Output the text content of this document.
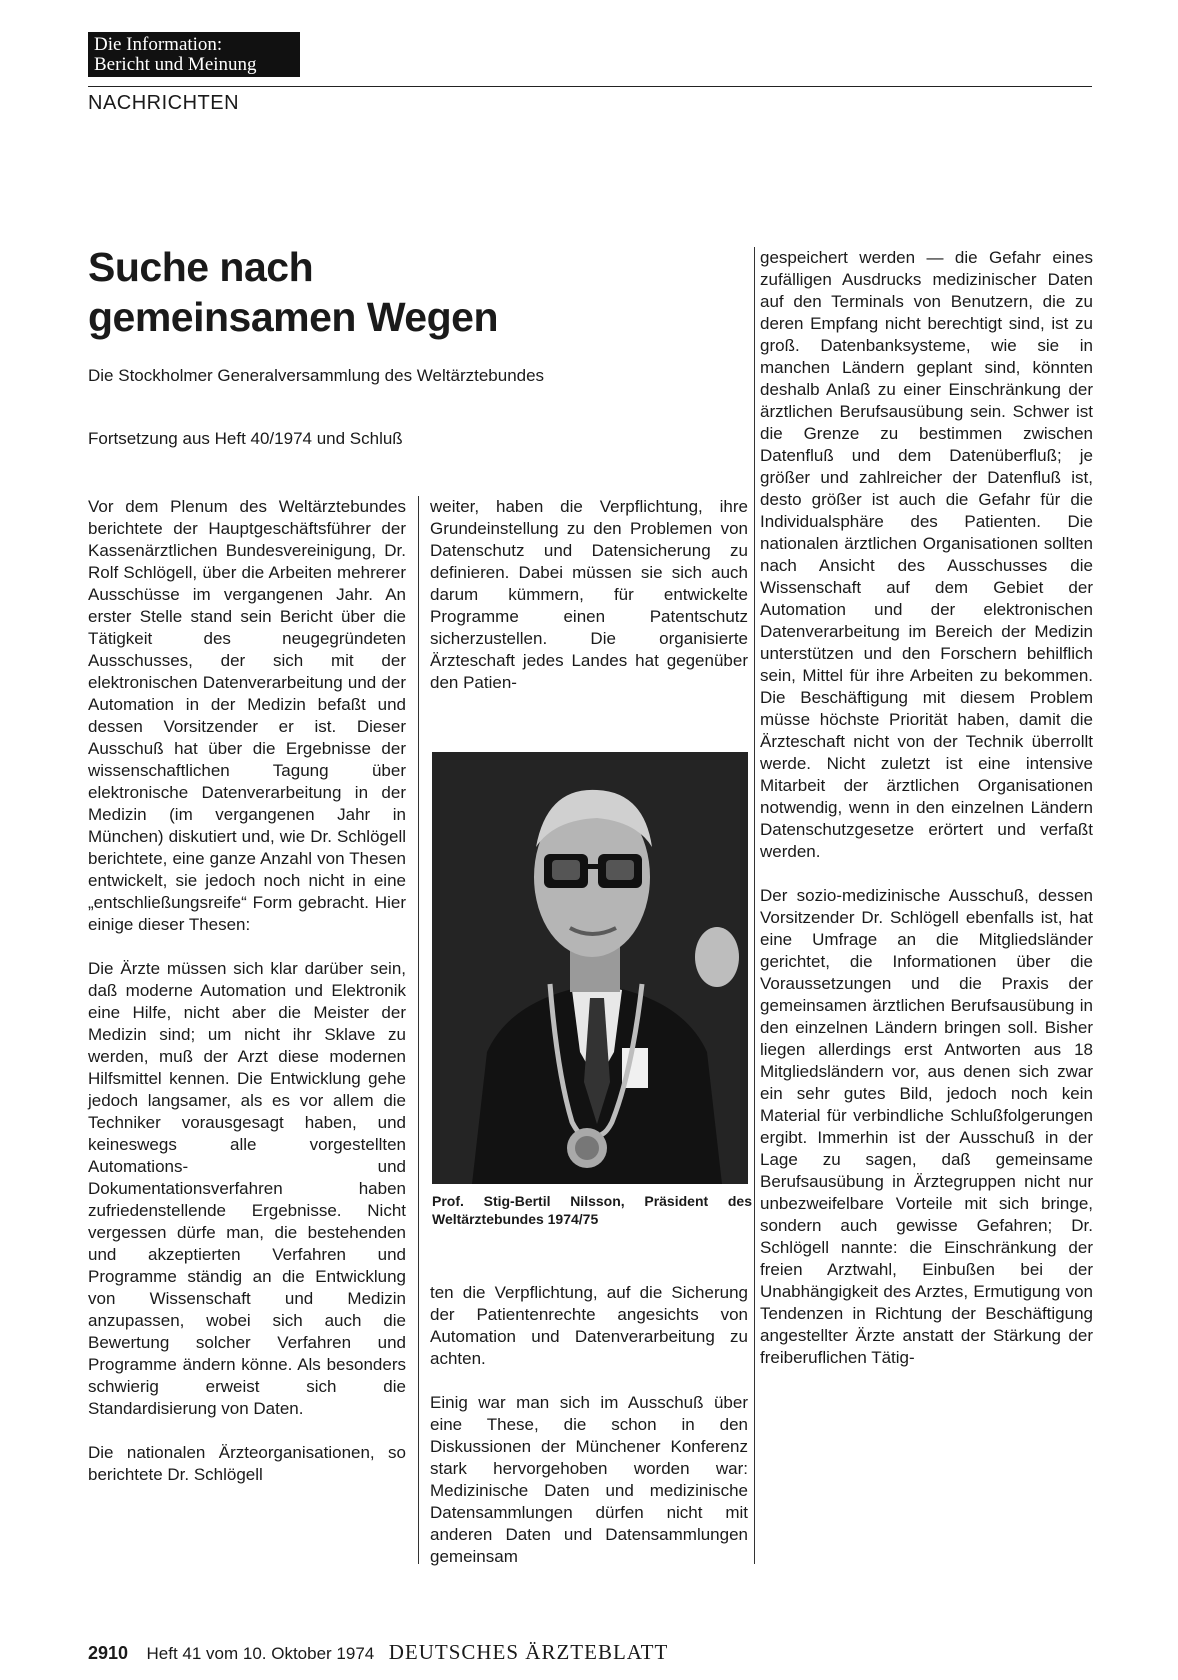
Die Information:
Bericht und Meinung
NACHRICHTEN
Suche nach
gemeinsamen Wegen
Die Stockholmer Generalversammlung des Weltärztebundes
Fortsetzung aus Heft 40/1974 und Schluß

Vor dem Plenum des Weltärztebundes berichtete der Hauptgeschäftsführer der Kassenärztlichen Bundesvereinigung, Dr. Rolf Schlögell, über die Arbeiten mehrerer Ausschüsse im vergangenen Jahr. An erster Stelle stand sein Bericht über die Tätigkeit des neugegründeten Ausschusses, der sich mit der elektronischen Datenverarbeitung und der Automation in der Medizin befaßt und dessen Vorsitzender er ist. Dieser Ausschuß hat über die Ergebnisse der wissenschaftlichen Tagung über elektronische Datenverarbeitung in der Medizin (im vergangenen Jahr in München) diskutiert und, wie Dr. Schlögell berichtete, eine ganze Anzahl von Thesen entwickelt, sie jedoch noch nicht in eine „entschließungsreife“ Form gebracht. Hier einige dieser Thesen:

Die Ärzte müssen sich klar darüber sein, daß moderne Automation und Elektronik eine Hilfe, nicht aber die Meister der Medizin sind; um nicht ihr Sklave zu werden, muß der Arzt diese modernen Hilfsmittel kennen. Die Entwicklung gehe jedoch langsamer, als es vor allem die Techniker vorausgesagt haben, und keineswegs alle vorgestellten Automations- und Dokumentationsverfahren haben zufriedenstellende Ergebnisse. Nicht vergessen dürfe man, die bestehenden und akzeptierten Verfahren und Programme ständig an die Entwicklung von Wissenschaft und Medizin anzupassen, wobei sich auch die Bewertung solcher Verfahren und Programme ändern könne. Als besonders schwierig erweist sich die Standardisierung von Daten.

Die nationalen Ärzteorganisationen, so berichtete Dr. Schlögell

weiter, haben die Verpflichtung, ihre Grundeinstellung zu den Problemen von Datenschutz und Datensicherung zu definieren. Dabei müssen sie sich auch darum kümmern, für entwickelte Programme einen Patentschutz sicherzustellen. Die organisierte Ärzteschaft jedes Landes hat gegenüber den Patien-

Prof. Stig-Bertil Nilsson, Präsident des Weltärztebundes 1974/75

ten die Verpflichtung, auf die Sicherung der Patientenrechte angesichts von Automation und Datenverarbeitung zu achten.

Einig war man sich im Ausschuß über eine These, die schon in den Diskussionen der Münchener Konferenz stark hervorgehoben worden war: Medizinische Daten und medizinische Datensammlungen dürfen nicht mit anderen Daten und Datensammlungen gemeinsam

gespeichert werden — die Gefahr eines zufälligen Ausdrucks medizinischer Daten auf den Terminals von Benutzern, die zu deren Empfang nicht berechtigt sind, ist zu groß. Datenbanksysteme, wie sie in manchen Ländern geplant sind, könnten deshalb Anlaß zu einer Einschränkung der ärztlichen Berufsausübung sein. Schwer ist die Grenze zu bestimmen zwischen Datenfluß und dem Datenüberfluß; je größer und zahlreicher der Datenfluß ist, desto größer ist auch die Gefahr für die Individualsphäre des Patienten. Die nationalen ärztlichen Organisationen sollten nach Ansicht des Ausschusses die Wissenschaft auf dem Gebiet der Automation und der elektronischen Datenverarbeitung im Bereich der Medizin unterstützen und den Forschern behilflich sein, Mittel für ihre Arbeiten zu bekommen. Die Beschäftigung mit diesem Problem müsse höchste Priorität haben, damit die Ärzteschaft nicht von der Technik überrollt werde. Nicht zuletzt ist eine intensive Mitarbeit der ärztlichen Organisationen notwendig, wenn in den einzelnen Ländern Datenschutzgesetze erörtert und verfaßt werden.

Der sozio-medizinische Ausschuß, dessen Vorsitzender Dr. Schlögell ebenfalls ist, hat eine Umfrage an die Mitgliedsländer gerichtet, die Informationen über die Voraussetzungen und die Praxis der gemeinsamen ärztlichen Berufsausübung in den einzelnen Ländern bringen soll. Bisher liegen allerdings erst Antworten aus 18 Mitgliedsländern vor, aus denen sich zwar ein sehr gutes Bild, jedoch noch kein Material für verbindliche Schlußfolgerungen ergibt. Immerhin ist der Ausschuß in der Lage zu sagen, daß gemeinsame Berufsausübung in Ärztegruppen nicht nur unbezweifelbare Vorteile mit sich bringe, sondern auch gewisse Gefahren; Dr. Schlögell nannte: die Einschränkung der freien Arztwahl, Einbußen bei der Unabhängigkeit des Arztes, Ermutigung von Tendenzen in Richtung der Beschäftigung angestellter Ärzte anstatt der Stärkung der freiberuflichen Tätig-

2910 Heft 41 vom 10. Oktober 1974 DEUTSCHES ÄRZTEBLATT
